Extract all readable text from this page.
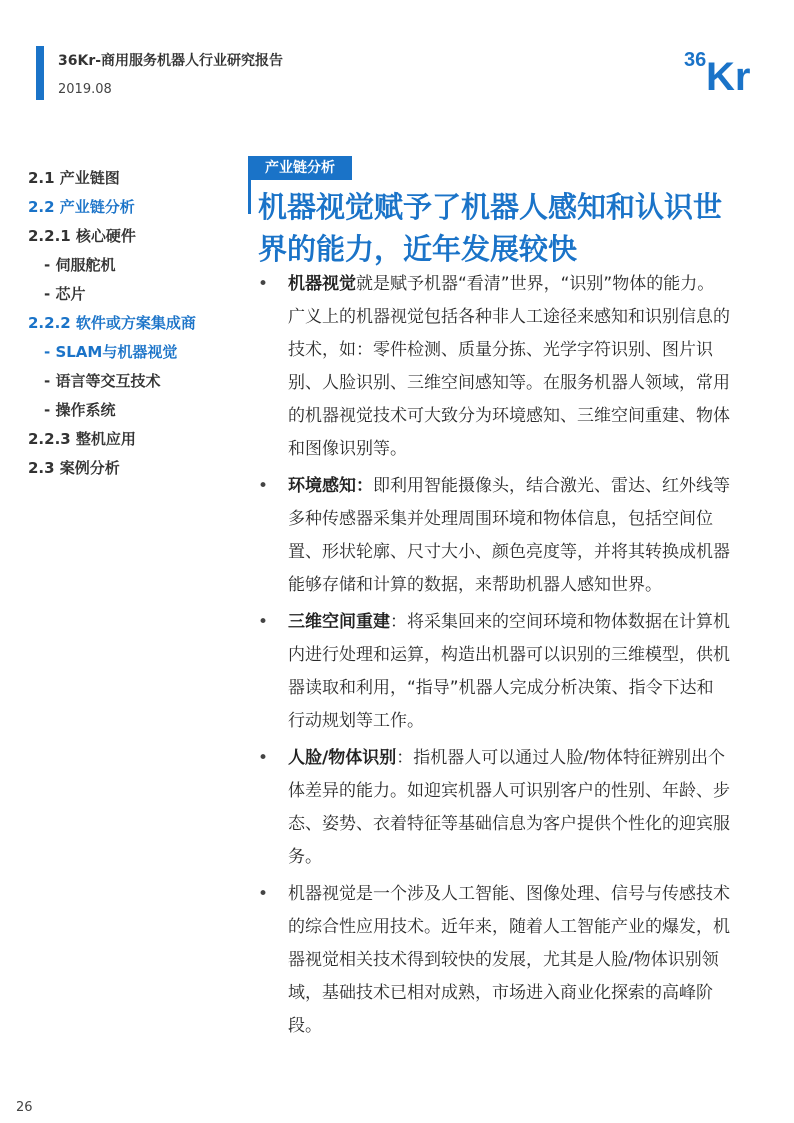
36Kr-商用服务机器人行业研究报告
2019.08
36 Kr
2.1 产业链图
2.2 产业链分析
2.2.1 核心硬件
- 伺服舵机
- 芯片
2.2.2 软件或方案集成商
- SLAM与机器视觉
- 语言等交互技术
- 操作系统
2.2.3 整机应用
2.3 案例分析
产业链分析
机器视觉赋予了机器人感知和认识世界的能力，近年发展较快
• 机器视觉就是赋予机器“看清”世界，“识别”物体的能力。广义上的机器视觉包括各种非人工途径来感知和识别信息的技术，如：零件检测、质量分拣、光学字符识别、图片识别、人脸识别、三维空间感知等。在服务机器人领域，常用的机器视觉技术可大致分为环境感知、三维空间重建、物体和图像识别等。
• 环境感知：即利用智能摄像头，结合激光、雷达、红外线等多种传感器采集并处理周围环境和物体信息，包括空间位置、形状轮廓、尺寸大小、颜色亮度等，并将其转换成机器能够存储和计算的数据，来帮助机器人感知世界。
• 三维空间重建：将采集回来的空间环境和物体数据在计算机内进行处理和运算，构造出机器可以识别的三维模型，供机器读取和利用，“指导”机器人完成分析决策、指令下达和行动规划等工作。
• 人脸/物体识别：指机器人可以通过人脸/物体特征辨别出个体差异的能力。如迎宾机器人可识别客户的性别、年龄、步态、姿势、衣着特征等基础信息为客户提供个性化的迎宾服务。
• 机器视觉是一个涉及人工智能、图像处理、信号与传感技术的综合性应用技术。近年来，随着人工智能产业的爆发，机器视觉相关技术得到较快的发展，尤其是人脸/物体识别领域，基础技术已相对成熟，市场进入商业化探索的高峰阶段。
26
